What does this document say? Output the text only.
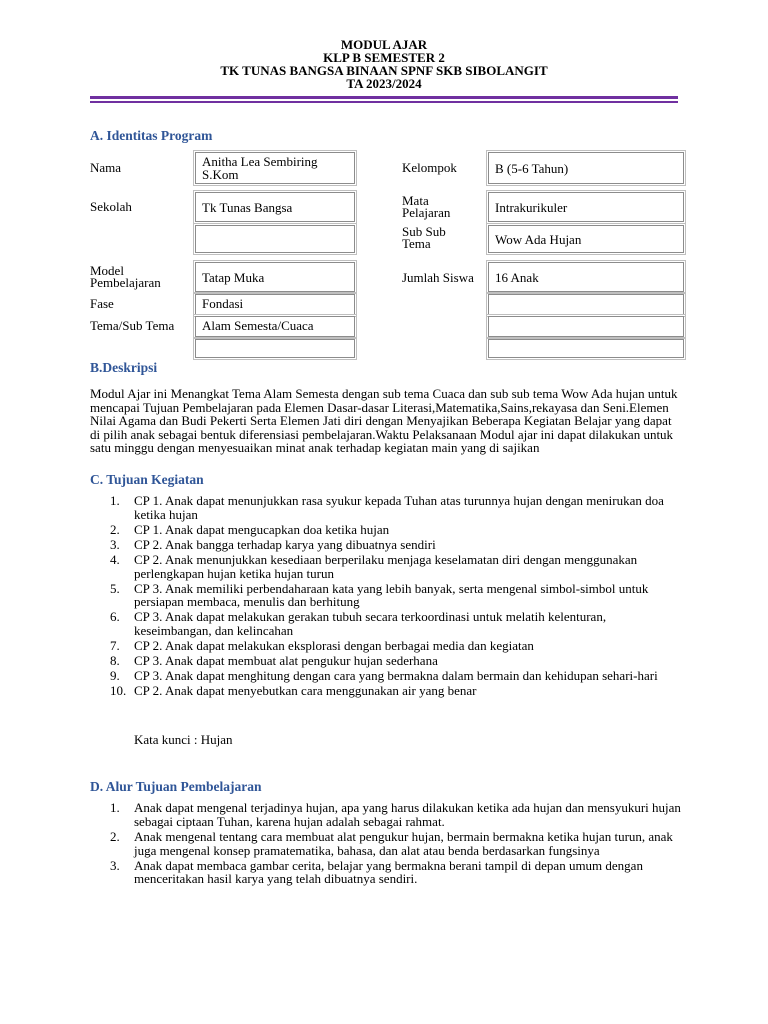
MODUL AJAR
KLP B SEMESTER 2
TK TUNAS BANGSA BINAAN SPNF SKB SIBOLANGIT
TA 2023/2024
A. Identitas Program
Nama	Anitha Lea Sembiring S.Kom
Sekolah	Tk Tunas Bangsa
Model Pembelajaran	Tatap Muka
Fase	Fondasi
Tema/Sub Tema	Alam Semesta/Cuaca
Kelompok	B (5-6 Tahun)
Mata Pelajaran	Intrakurikuler
Sub Sub Tema	Wow Ada Hujan
Jumlah Siswa	16 Anak
B.Deskripsi
Modul Ajar ini Menangkat Tema Alam Semesta dengan sub tema Cuaca dan sub sub tema Wow Ada hujan untuk mencapai Tujuan Pembelajaran pada Elemen Dasar-dasar Literasi,Matematika,Sains,rekayasa dan Seni.Elemen Nilai Agama dan Budi Pekerti Serta Elemen Jati diri dengan Menyajikan Beberapa Kegiatan Belajar yang dapat di pilih anak sebagai bentuk diferensiasi pembelajaran.Waktu Pelaksanaan Modul ajar ini dapat dilakukan untuk satu minggu dengan menyesuaikan minat anak terhadap kegiatan main yang di sajikan
C. Tujuan Kegiatan
1. CP 1. Anak dapat menunjukkan rasa syukur kepada Tuhan atas turunnya hujan dengan menirukan doa ketika hujan
2. CP 1. Anak dapat mengucapkan doa ketika hujan
3. CP 2. Anak bangga terhadap karya yang dibuatnya sendiri
4. CP 2. Anak menunjukkan kesediaan berperilaku menjaga keselamatan diri dengan menggunakan perlengkapan hujan ketika hujan turun
5. CP 3. Anak memiliki perbendaharaan kata yang lebih banyak, serta mengenal simbol-simbol untuk persiapan membaca, menulis dan berhitung
6. CP 3. Anak dapat melakukan gerakan tubuh secara terkoordinasi untuk melatih kelenturan, keseimbangan, dan kelincahan
7. CP 2. Anak dapat melakukan eksplorasi dengan berbagai media dan kegiatan
8. CP 3. Anak dapat membuat alat pengukur hujan sederhana
9. CP 3. Anak dapat menghitung dengan cara yang bermakna dalam bermain dan kehidupan sehari-hari
10. CP 2. Anak dapat menyebutkan cara menggunakan air yang benar
Kata kunci : Hujan
D. Alur Tujuan Pembelajaran
1. Anak dapat mengenal terjadinya hujan, apa yang harus dilakukan ketika ada hujan dan mensyukuri hujan sebagai ciptaan Tuhan, karena hujan adalah sebagai rahmat.
2. Anak mengenal tentang cara membuat alat pengukur hujan, bermain bermakna ketika hujan turun, anak juga mengenal konsep pramatematika, bahasa, dan alat atau benda berdasarkan fungsinya
3. Anak dapat membaca gambar cerita, belajar yang bermakna berani tampil di depan umum dengan menceritakan hasil karya yang telah dibuatnya sendiri.
